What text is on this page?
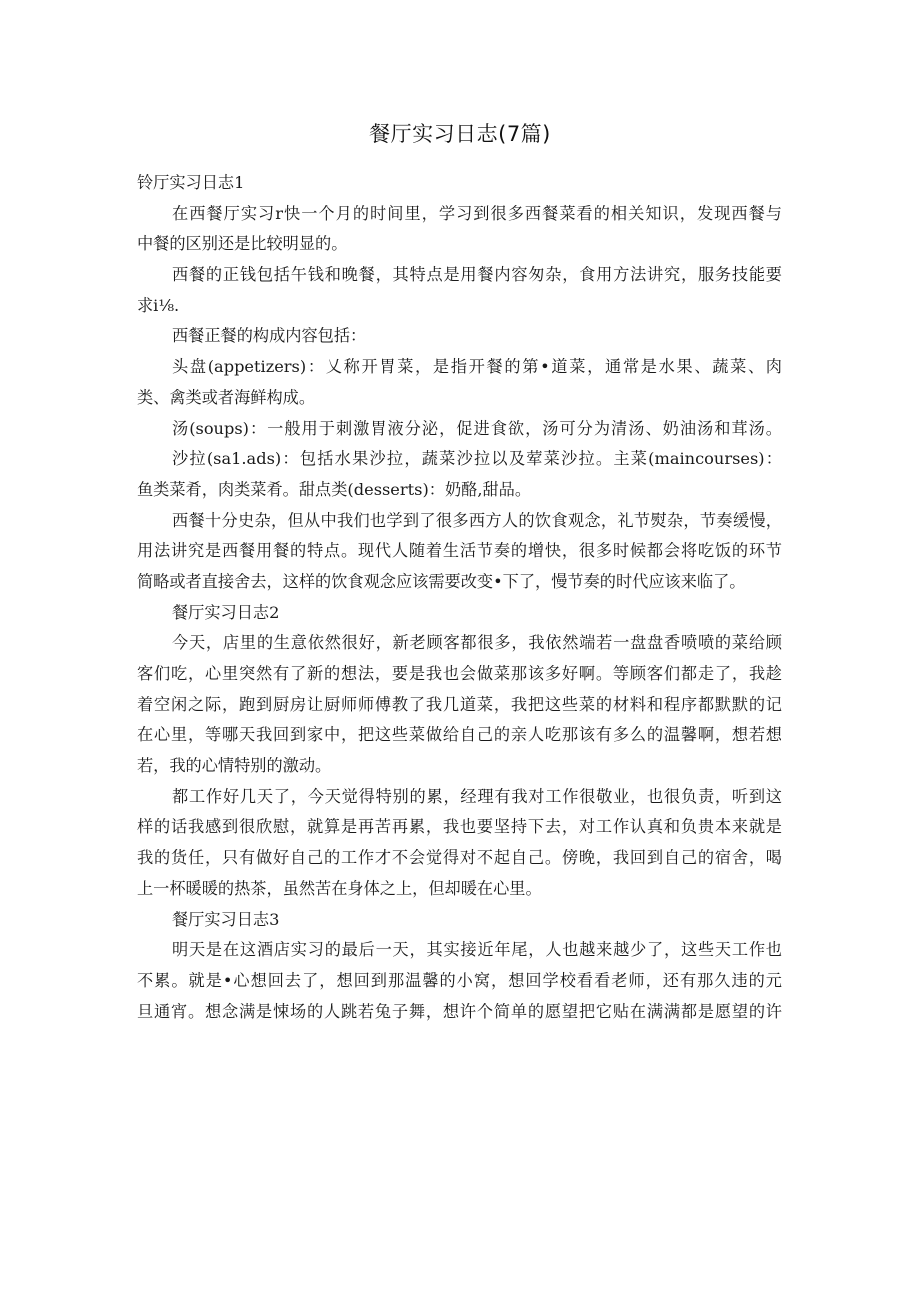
餐厅实习日志(7篇)
铃厅实习日志1
在西餐厅实习r快一个月的时间里，学习到很多西餐菜看的相关知识，发现西餐与
中餐的区别还是比较明显的。
西餐的正钱包括午钱和晚餐，其特点是用餐内容匆杂，食用方法讲究，服务技能要
求i⅛.
西餐正餐的构成内容包括：
头盘(appetizers)：乂称开胃菜，是指开餐的第•道菜，通常是水果、蔬菜、肉
类、禽类或者海鲜构成。
汤(soups)：一般用于刺激胃液分泌，促进食欲，汤可分为清汤、奶油汤和茸汤。
沙拉(sa1.ads)：包括水果沙拉，蔬菜沙拉以及荤菜沙拉。主菜(maincourses)：
鱼类菜肴，肉类菜肴。甜点类(desserts)：奶酪,甜品。
西餐十分史杂，但从中我们也学到了很多西方人的饮食观念，礼节熨杂，节奏缓慢，
用法讲究是西餐用餐的特点。现代人随着生活节奏的增快，很多时候都会将吃饭的环节
简略或者直接舍去，这样的饮食观念应该需要改变•下了，慢节奏的时代应该来临了。
餐厅实习日志2
今天，店里的生意依然很好，新老顾客都很多，我依然端若一盘盘香喷喷的菜给顾
客们吃，心里突然有了新的想法，要是我也会做菜那该多好啊。等顾客们都走了，我趁
着空闲之际，跑到厨房让厨师师傅教了我几道菜，我把这些菜的材料和程序都默默的记
在心里，等哪天我回到家中，把这些菜做给自己的亲人吃那该有多么的温馨啊，想若想
若，我的心情特别的激动。
都工作好几天了，今天觉得特别的累，经理有我对工作很敬业，也很负责，听到这
样的话我感到很欣慰，就算是再苦再累，我也要坚持下去，对工作认真和负贵本来就是
我的货任，只有做好自己的工作才不会觉得对不起自己。傍晚，我回到自己的宿舍，喝
上一杯暖暖的热茶，虽然苦在身体之上，但却暖在心里。
餐厅实习日志3
明天是在这酒店实习的最后一天，其实接近年尾，人也越来越少了，这些天工作也
不累。就是•心想回去了，想回到那温馨的小窝，想回学校看看老师，还有那久违的元
旦通宵。想念满是悚场的人跳若兔子舞，想许个简单的愿望把它贴在满满都是愿望的许
